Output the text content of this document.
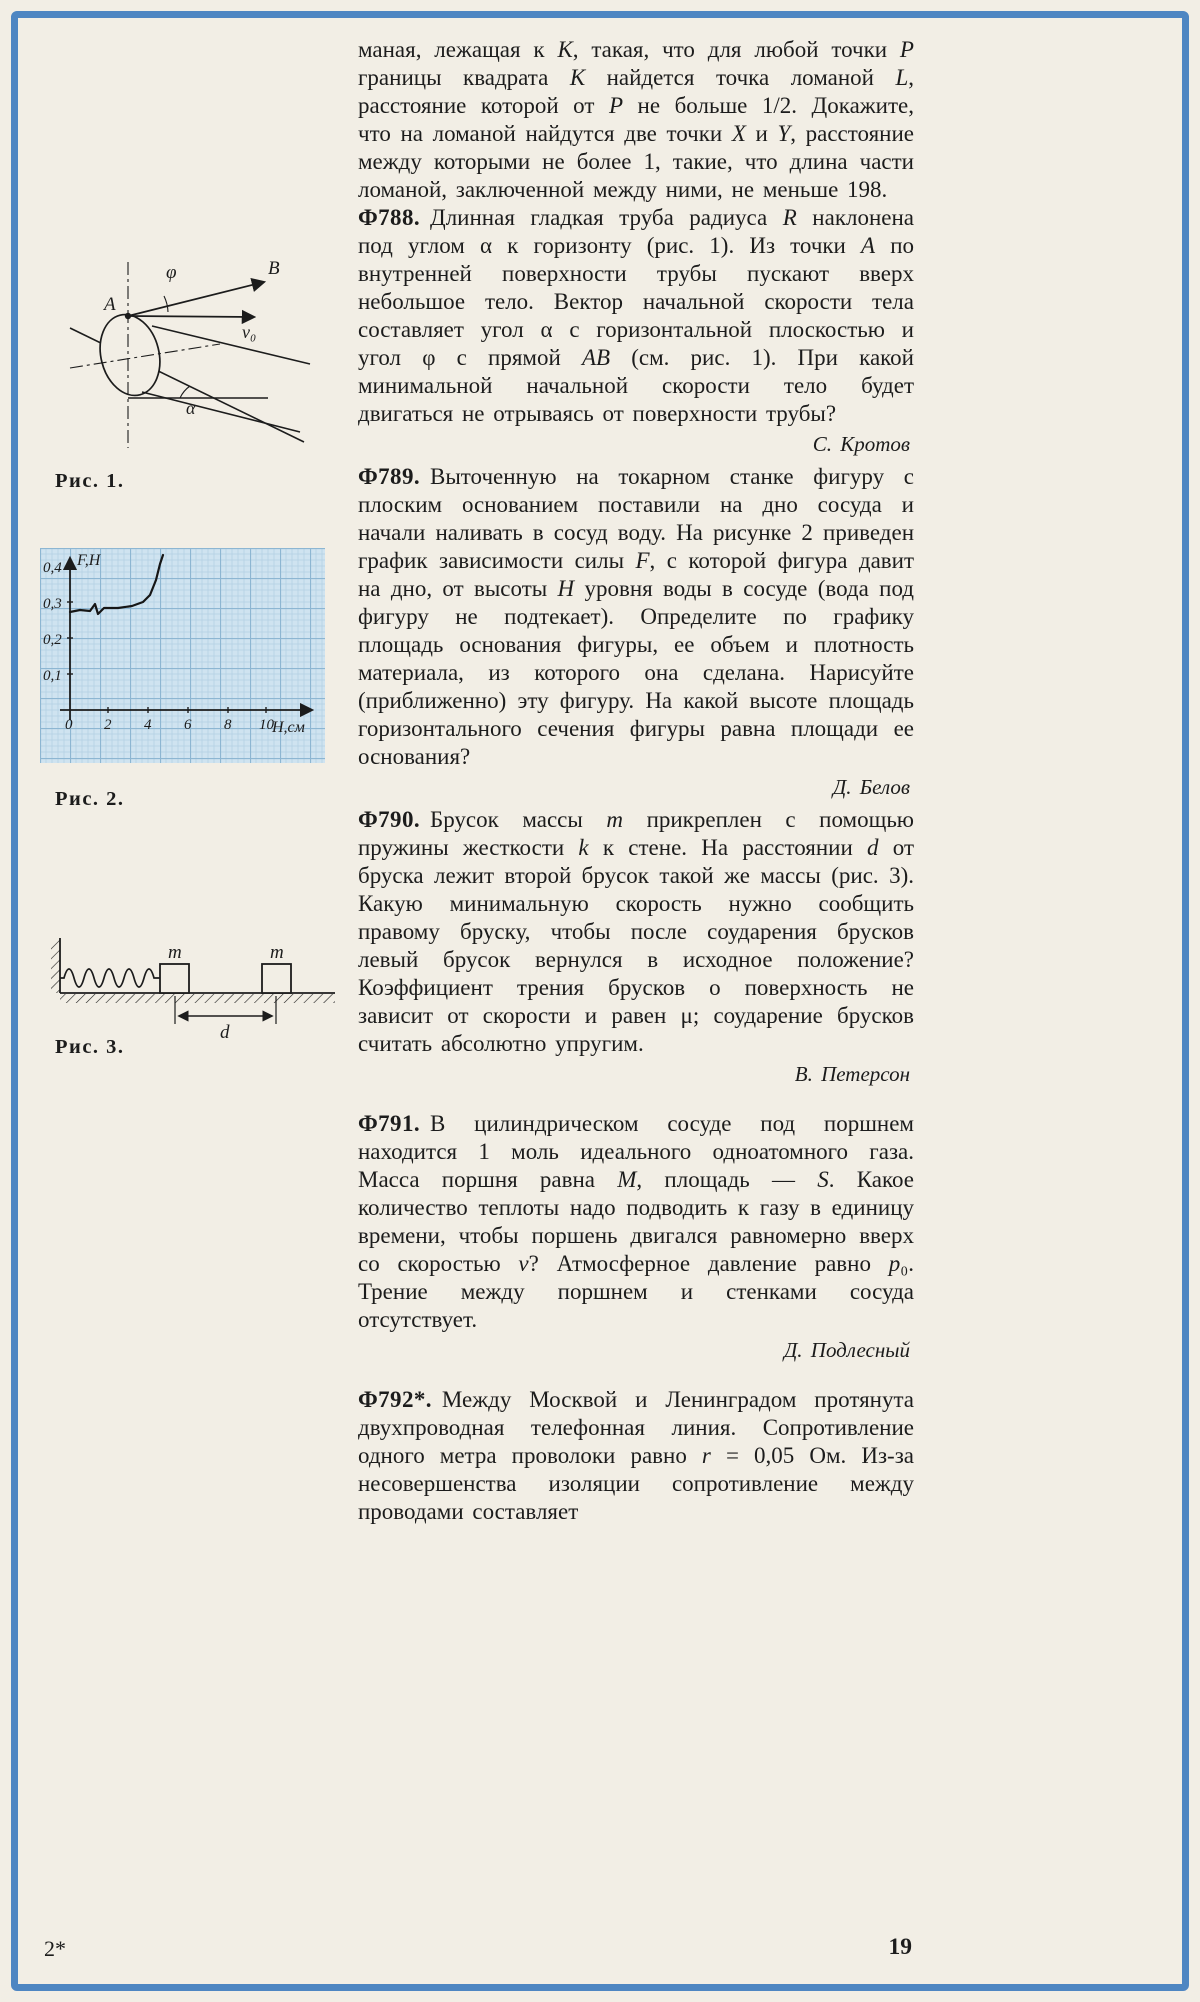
A
B
φ
v₀
α
Рис. 1.
F,H
Н,см
0,4
0,3
0,2
0,1
0 2 4 6 8 10
Рис. 2.
m	m
d
Рис. 3.

маная, лежащая к К, такая, что для любой точки Р границы квадрата К найдется точка ломаной L, расстояние которой от Р не больше 1/2. Докажите, что на ломаной найдутся две точки X и Y, расстояние между которыми не более 1, такие, что длина части ломаной, заключенной между ними, не меньше 198.

Ф788. Длинная гладкая труба радиуса R наклонена под углом α к горизонту (рис. 1). Из точки А по внутренней поверхности трубы пускают вверх небольшое тело. Вектор начальной скорости тела составляет угол α с горизонтальной плоскостью и угол φ с прямой АВ (см. рис. 1). При какой минимальной начальной скорости тело будет двигаться не отрываясь от поверхности трубы?

С. Кротов

Ф789. Выточенную на токарном станке фигуру с плоским основанием поставили на дно сосуда и начали наливать в сосуд воду. На рисунке 2 приведен график зависимости силы F, с которой фигура давит на дно, от высоты Н уровня воды в сосуде (вода под фигуру не подтекает). Определите по графику площадь основания фигуры, ее объем и плотность материала, из которого она сделана. Нарисуйте (приближенно) эту фигуру. На какой высоте площадь горизонтального сечения фигуры равна площади ее основания?

Д. Белов

Ф790. Брусок массы m прикреплен с помощью пружины жесткости k к стене. На расстоянии d от бруска лежит второй брусок такой же массы (рис. 3). Какую минимальную скорость нужно сообщить правому бруску, чтобы после соударения брусков левый брусок вернулся в исходное положение? Коэффициент трения брусков о поверхность не зависит от скорости и равен μ; соударение брусков считать абсолютно упругим.

В. Петерсон

Ф791. В цилиндрическом сосуде под поршнем находится 1 моль идеального одноатомного газа. Масса поршня равна М, площадь — S. Какое количество теплоты надо подводить к газу в единицу времени, чтобы поршень двигался равномерно вверх со скоростью v? Атмосферное давление равно p₀. Трение между поршнем и стенками сосуда отсутствует.

Д. Подлесный

Ф792*. Между Москвой и Ленинградом протянута двухпроводная телефонная линия. Сопротивление одного метра проволоки равно r = 0,05 Ом. Из-за несовершенства изоляции сопротивление между проводами составляет

2*	19
